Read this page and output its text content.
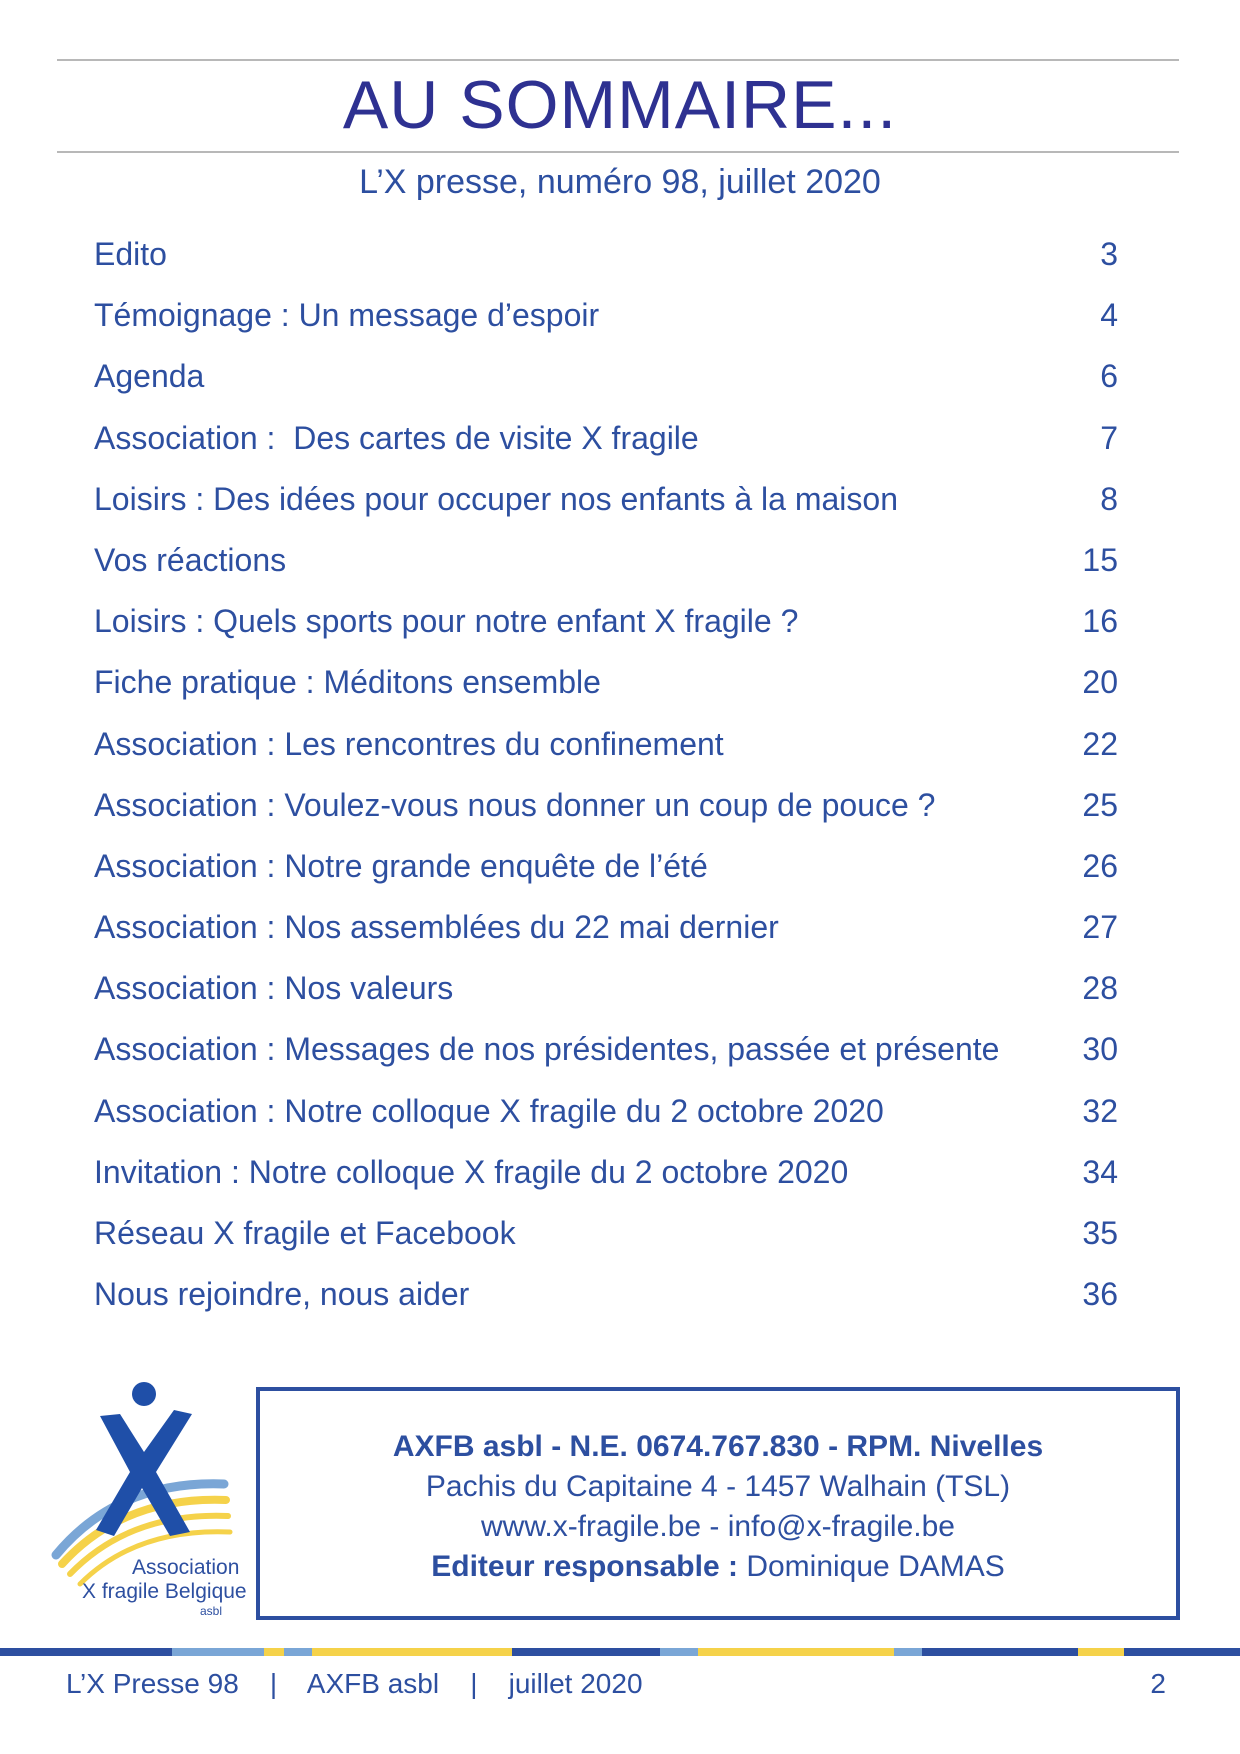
AU SOMMAIRE...
L’X presse, numéro 98, juillet 2020
Edito	3
Témoignage : Un message d’espoir	4
Agenda	6
Association :  Des cartes de visite X fragile	7
Loisirs : Des idées pour occuper nos enfants à la maison	8
Vos réactions	15
Loisirs : Quels sports pour notre enfant X fragile ?	16
Fiche pratique : Méditons ensemble	20
Association : Les rencontres du confinement	22
Association : Voulez-vous nous donner un coup de pouce ?	25
Association : Notre grande enquête de l’été	26
Association : Nos assemblées du 22 mai dernier	27
Association : Nos valeurs	28
Association : Messages de nos présidentes, passée et présente	30
Association : Notre colloque X fragile du 2 octobre 2020	32
Invitation : Notre colloque X fragile du 2 octobre 2020	34
Réseau X fragile et Facebook	35
Nous rejoindre, nous aider	36
Association
X fragile Belgique
asbl
AXFB asbl - N.E. 0674.767.830 - RPM. Nivelles
Pachis du Capitaine 4 - 1457 Walhain (TSL)
www.x-fragile.be - info@x-fragile.be
Editeur responsable : Dominique DAMAS
L’X Presse 98 | AXFB asbl | juillet 2020	2
